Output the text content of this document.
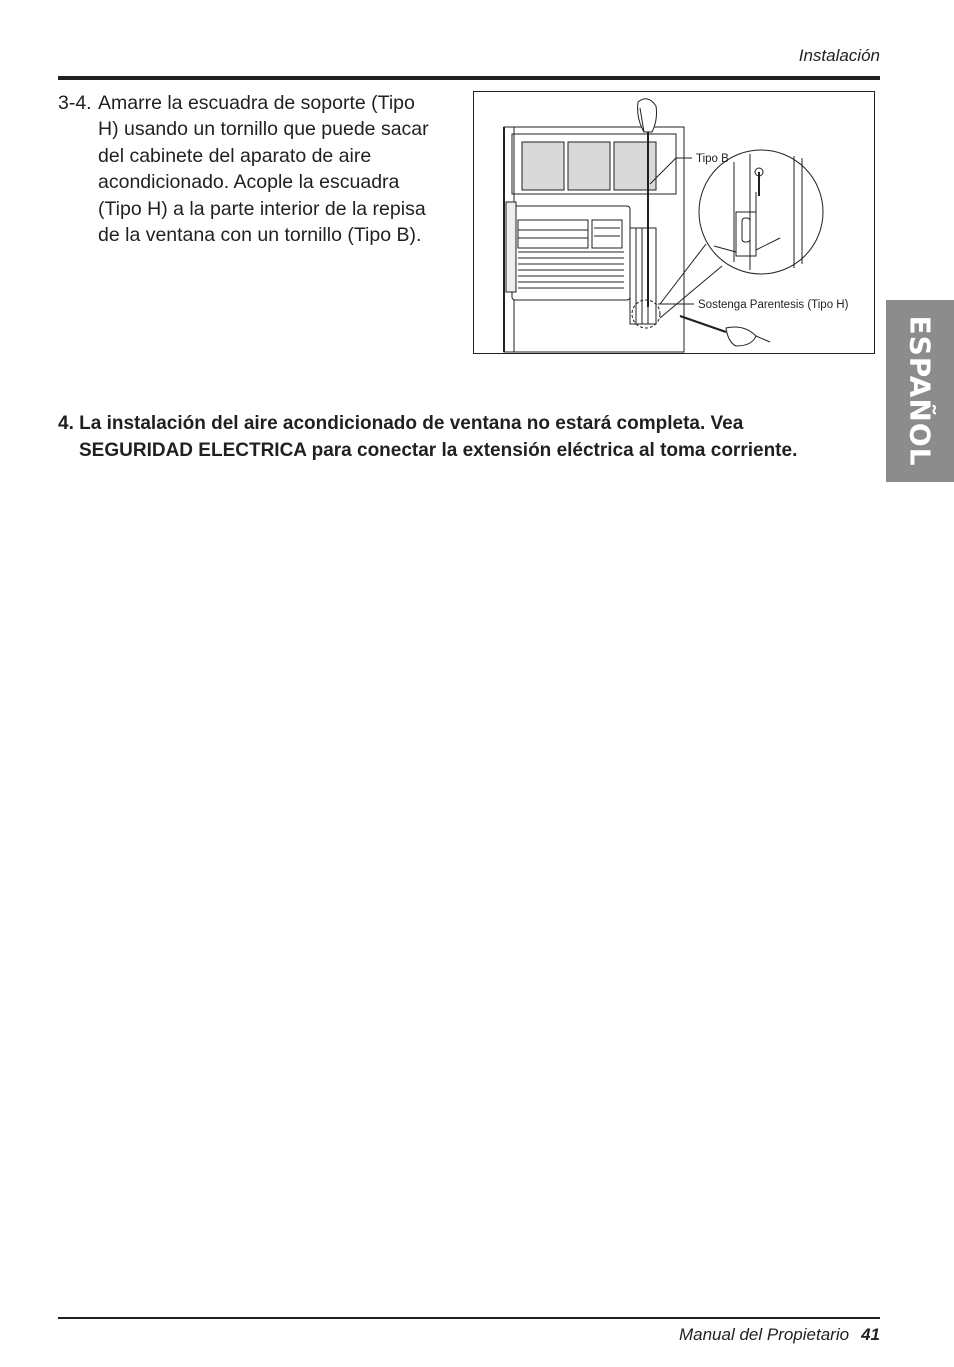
Instalación
3-4. Amarre la escuadra de soporte (Tipo
H) usando un tornillo que puede sacar
del cabinete del aparato de aire
acondicionado. Acople la escuadra
(Tipo H) a la parte interior de la repisa
de la ventana con un tornillo (Tipo B).
Tipo B
Sostenga Parentesis (Tipo H)
4. La instalación del aire acondicionado de ventana no estará completa. Vea
SEGURIDAD ELECTRICA para conectar la extensión eléctrica al toma corriente.	ESPAÑOL
Manual del Propietario 41
